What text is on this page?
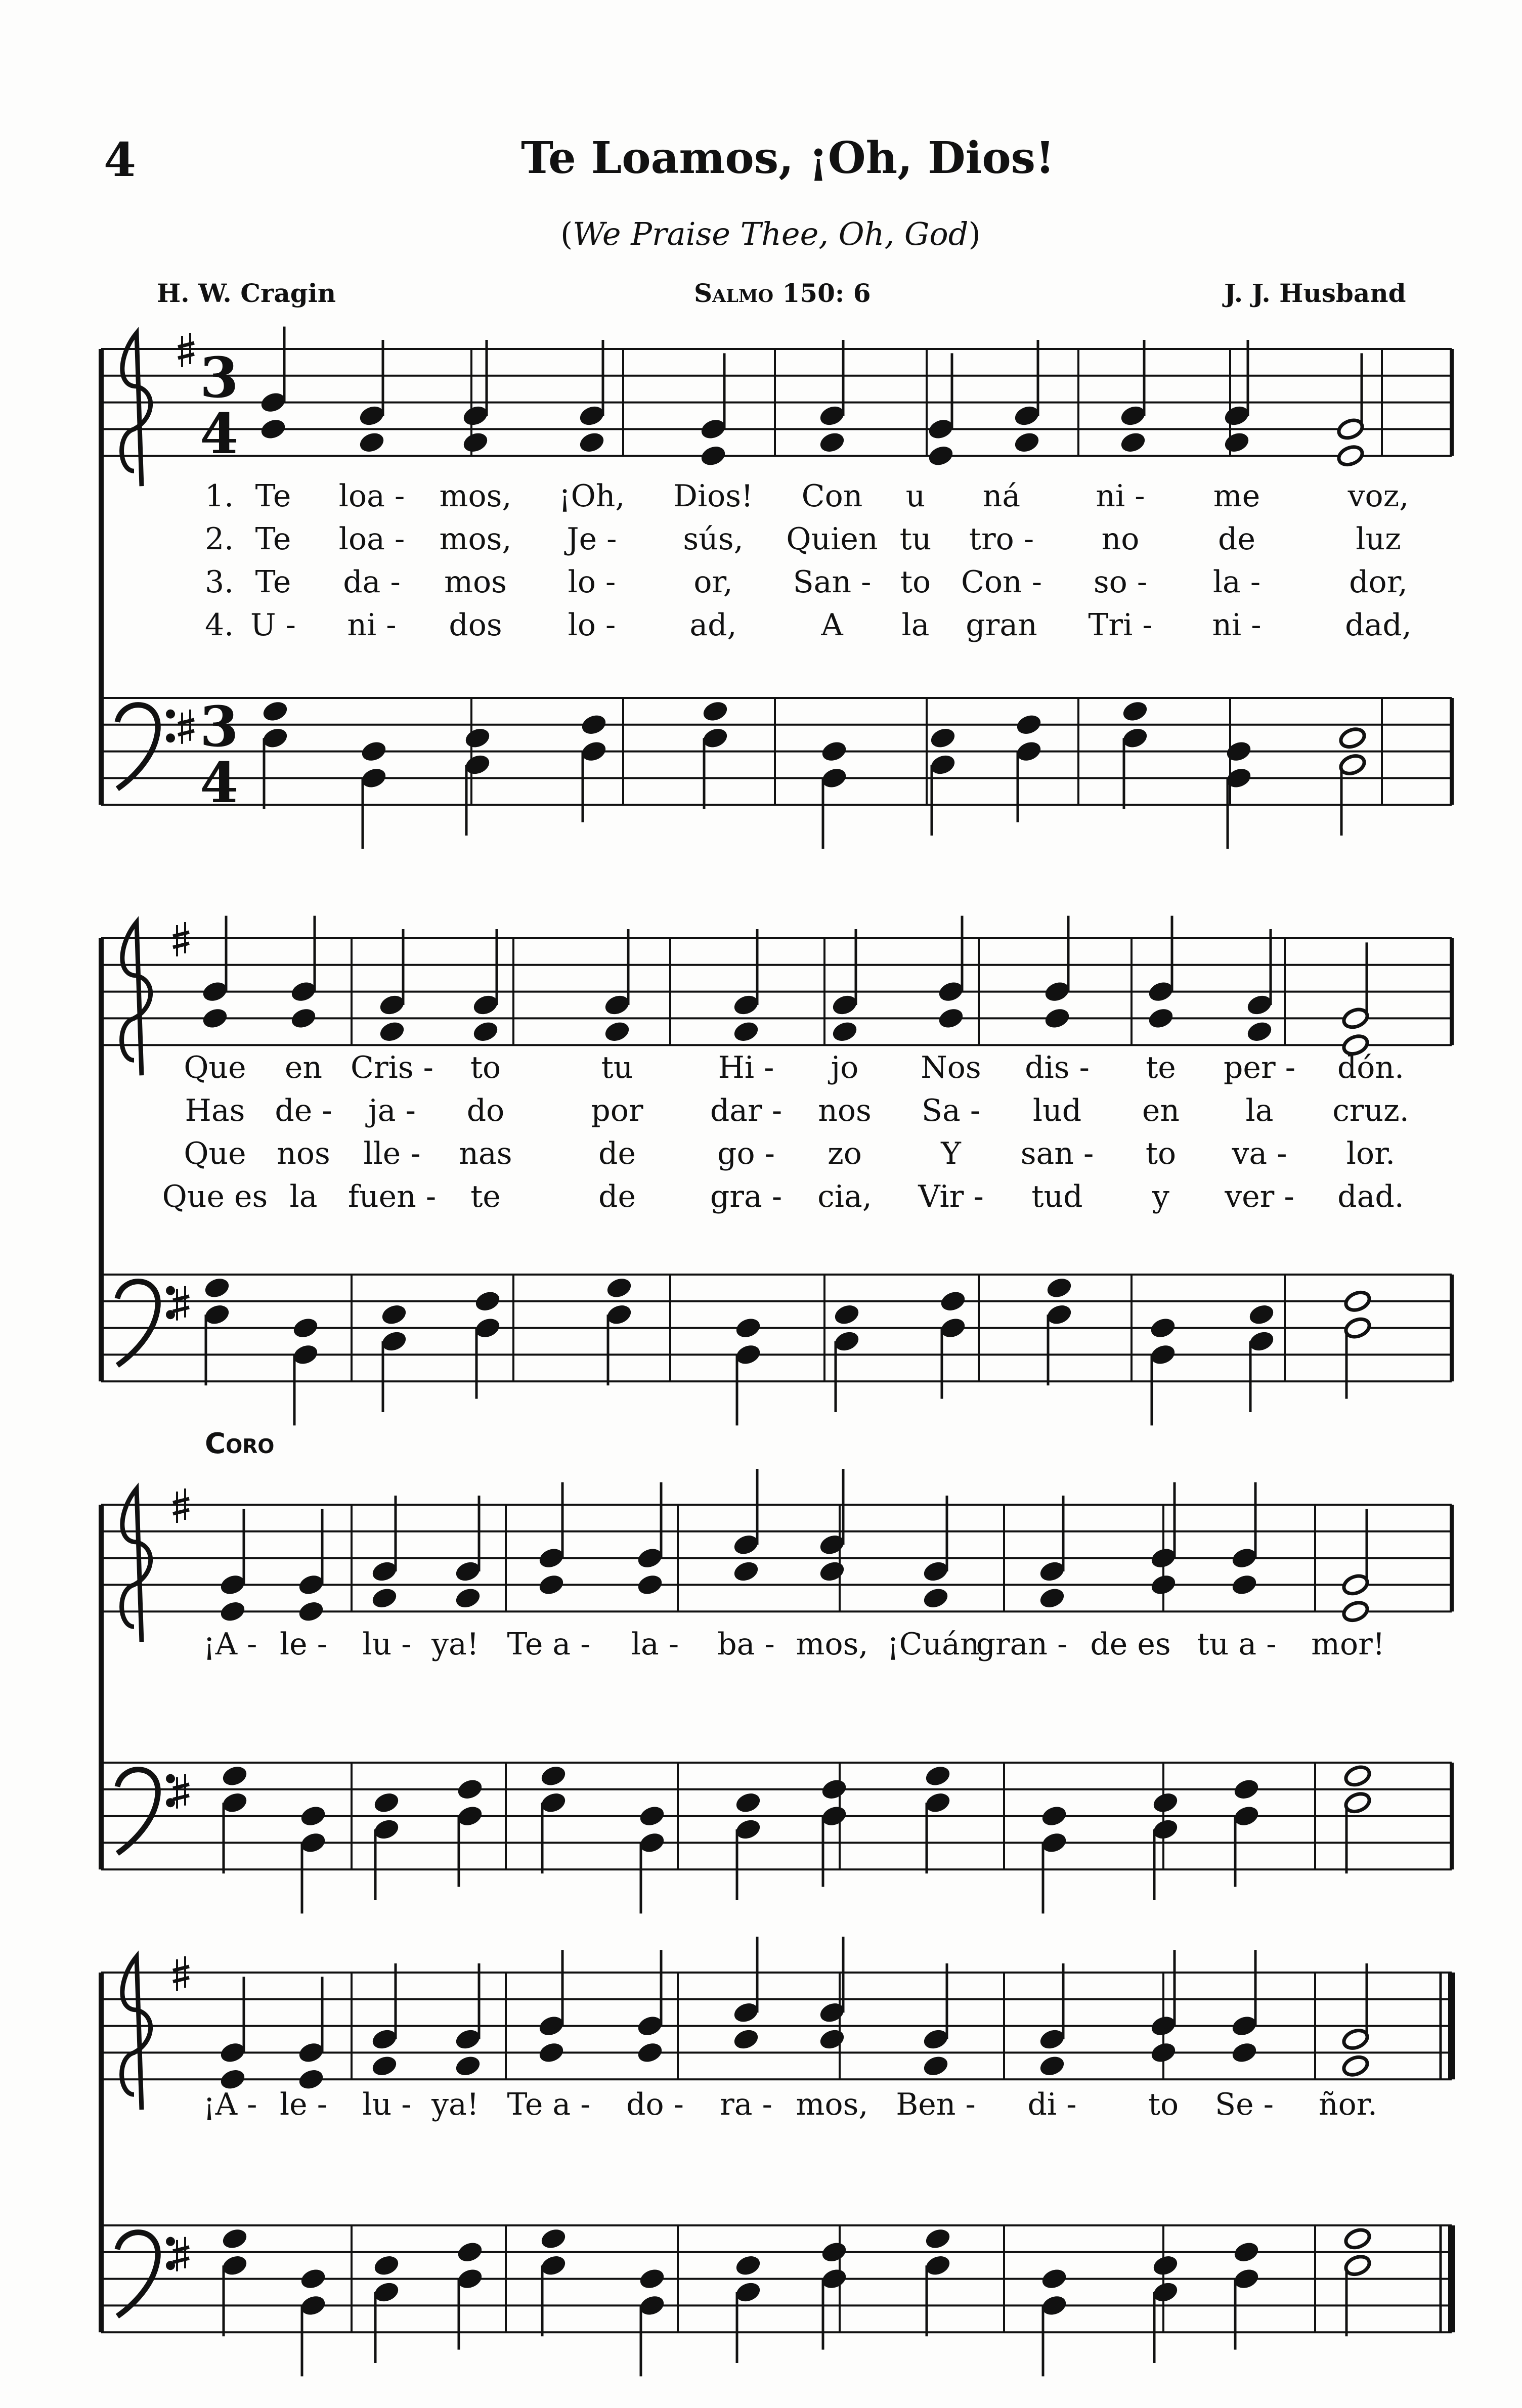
4	Te Loamos, ¡Oh, Dios!
(We Praise Thee, Oh, God)
H. W. Cragin	Salmo 150: 6	J. J. Husband
Coro
3
4
3
4
1.
2.
3.
4.
Te loa - mos, ¡Oh, Dios! Con u ná ni - me	voz,
Te loa - mos, Je - sús, Quien tu tro - no	de	luz
Te da - mos lo -	or, San - to Con - so - la -	dor,
U - ni - dos lo - ad,	A la gran Tri - ni -	dad,
Que en Cris - to	tu	Hi - jo Nos dis - te per - dón.
Has de - ja - do	por dar - nos Sa - lud en la cruz.
Que nos lle - nas	de	go - zo	Y san - to va - lor.
Que es la fuen - te	de gra - cia, Vir - tud y ver - dad.
¡A - le - lu - ya! Te a - la - ba - mos, ¡Cuán
gran - de es tu a - mor!
¡A - le - lu - ya! Te a - do - ra - mos, Ben - di - to Se - ñor.
